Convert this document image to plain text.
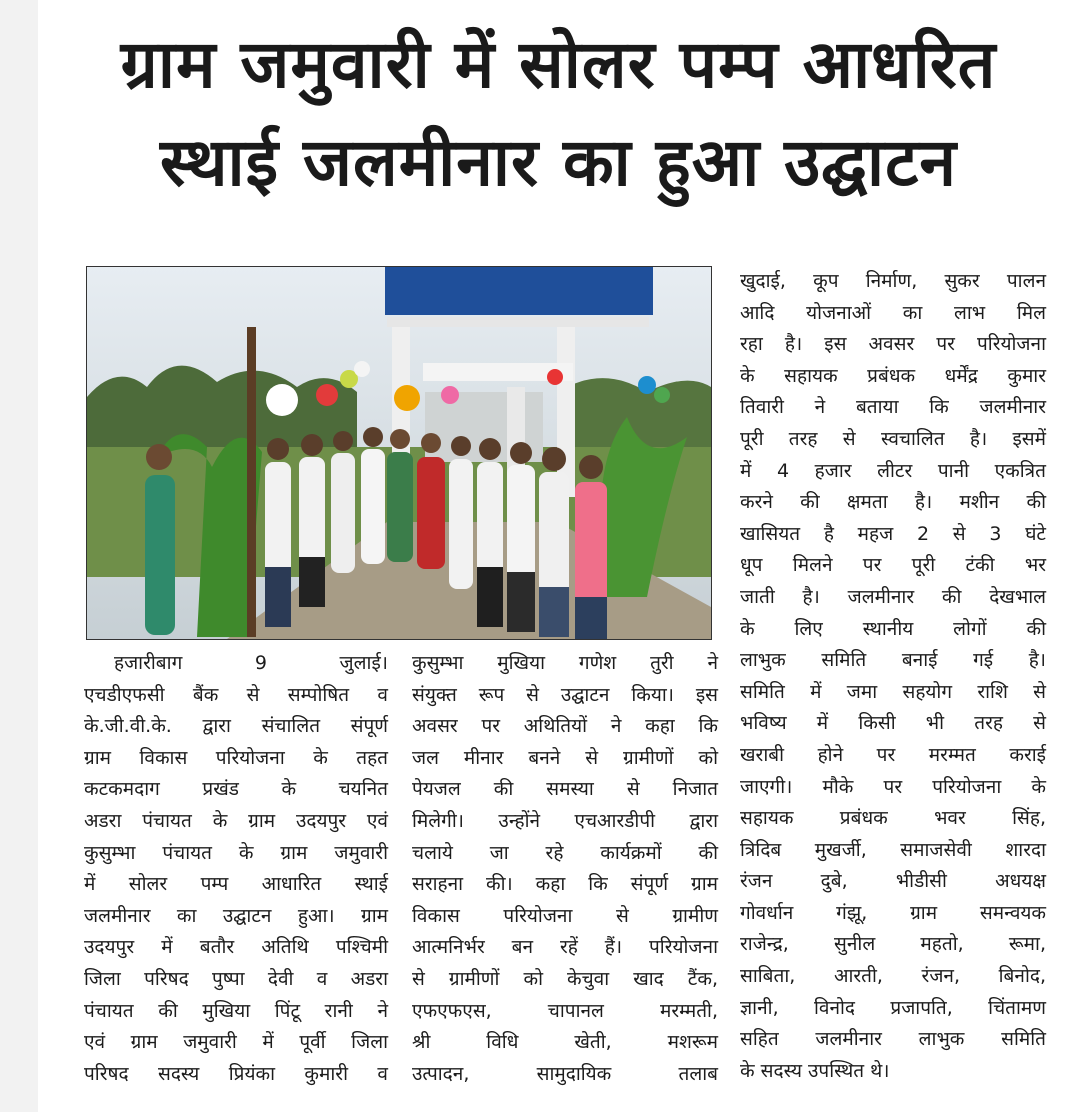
ग्राम जमुवारी में सोलर पम्प आधरित
स्थाई जलमीनार का हुआ उद्घाटन
हजारीबाग 9 जुलाई।
एचडीएफसी बैंक से सम्पोषित व
के.जी.वी.के. द्वारा संचालित संपूर्ण
ग्राम विकास परियोजना के तहत
कटकमदाग प्रखंड के चयनित
अडरा पंचायत के ग्राम उदयपुर एवं
कुसुम्भा पंचायत के ग्राम जमुवारी
में सोलर पम्प आधारित स्थाई
जलमीनार का उद्घाटन हुआ। ग्राम
उदयपुर में बतौर अतिथि पश्चिमी
जिला परिषद पुष्पा देवी व अडरा
पंचायत की मुखिया पिंटू रानी ने
एवं ग्राम जमुवारी में पूर्वी जिला
परिषद सदस्य प्रियंका कुमारी व
कुसुम्भा मुखिया गणेश तुरी ने
संयुक्त रूप से उद्घाटन किया। इस
अवसर पर अथितियों ने कहा कि
जल मीनार बनने से ग्रामीणों को
पेयजल की समस्या से निजात
मिलेगी। उन्होंने एचआरडीपी द्वारा
चलाये जा रहे कार्यक्रमों की
सराहना की। कहा कि संपूर्ण ग्राम
विकास परियोजना से ग्रामीण
आत्मनिर्भर बन रहें हैं। परियोजना
से ग्रामीणों को केचुवा खाद टैंक,
एफएफएस, चापानल मरम्मती,
श्री विधि खेती, मशरूम
उत्पादन, सामुदायिक तलाब
खुदाई, कूप निर्माण, सुकर पालन
आदि योजनाओं का लाभ मिल
रहा है। इस अवसर पर परियोजना
के सहायक प्रबंधक धर्मेंद्र कुमार
तिवारी ने बताया कि जलमीनार
पूरी तरह से स्वचालित है। इसमें
में 4 हजार लीटर पानी एकत्रित
करने की क्षमता है। मशीन की
खासियत है महज 2 से 3 घंटे
धूप मिलने पर पूरी टंकी भर
जाती है। जलमीनार की देखभाल
के लिए स्थानीय लोगों की
लाभुक समिति बनाई गई है।
समिति में जमा सहयोग राशि से
भविष्य में किसी भी तरह से
खराबी होने पर मरम्मत कराई
जाएगी। मौके पर परियोजना के
सहायक प्रबंधक भवर सिंह,
त्रिदिब मुखर्जी, समाजसेवी शारदा
रंजन दुबे, भीडीसी अधयक्ष
गोवर्धान गंझू, ग्राम समन्वयक
राजेन्द्र, सुनील महतो, रूमा,
साबिता, आरती, रंजन, बिनोद,
ज्ञानी, विनोद प्रजापति, चिंतामण
सहित जलमीनार लाभुक समिति
के सदस्य उपस्थित थे।
